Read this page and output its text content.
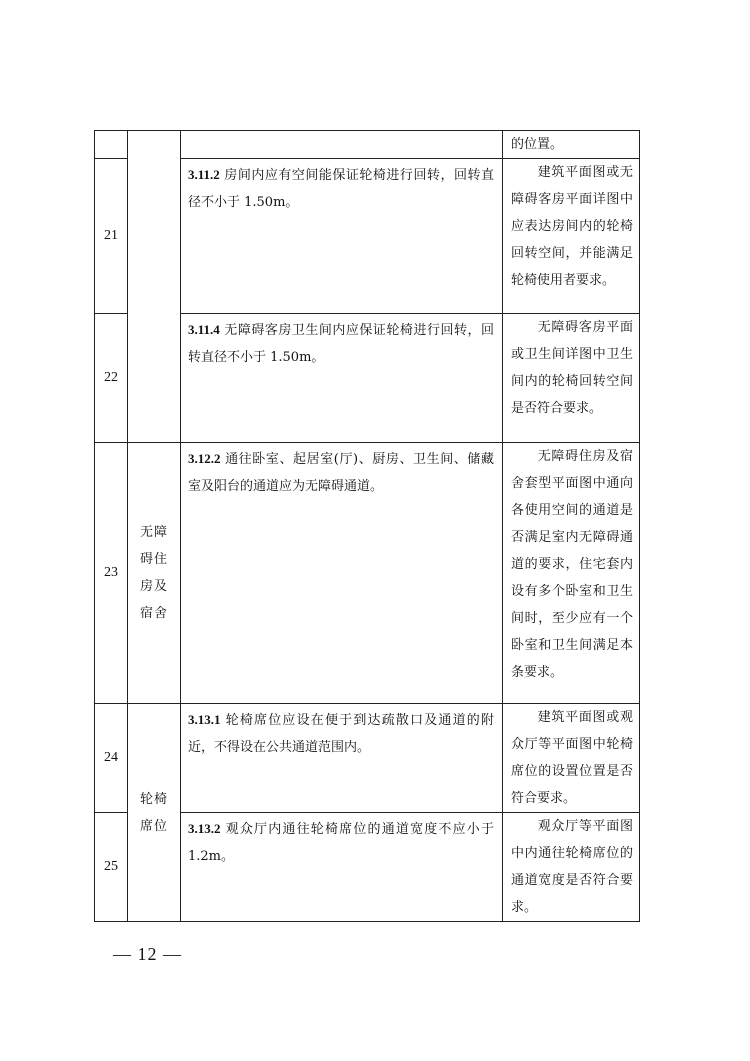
			的位置。
21		3.11.2 房间内应有空间能保证轮椅进行回转，回转直径不小于 1.50m。	建筑平面图或无障碍客房平面详图中应表达房间内的轮椅回转空间，并能满足轮椅使用者要求。
22		3.11.4 无障碍客房卫生间内应保证轮椅进行回转，回转直径不小于 1.50m。	无障碍客房平面或卫生间详图中卫生间内的轮椅回转空间是否符合要求。
23	无障碍住房及宿舍	3.12.2 通往卧室、起居室(厅)、厨房、卫生间、储藏室及阳台的通道应为无障碍通道。	无障碍住房及宿舍套型平面图中通向各使用空间的通道是否满足室内无障碍通道的要求，住宅套内设有多个卧室和卫生间时，至少应有一个卧室和卫生间满足本条要求。
24	轮椅席位	3.13.1 轮椅席位应设在便于到达疏散口及通道的附近，不得设在公共通道范围内。	建筑平面图或观众厅等平面图中轮椅席位的设置位置是否符合要求。
25		3.13.2 观众厅内通往轮椅席位的通道宽度不应小于 1.2m。	观众厅等平面图中内通往轮椅席位的通道宽度是否符合要求。
— 12 —
